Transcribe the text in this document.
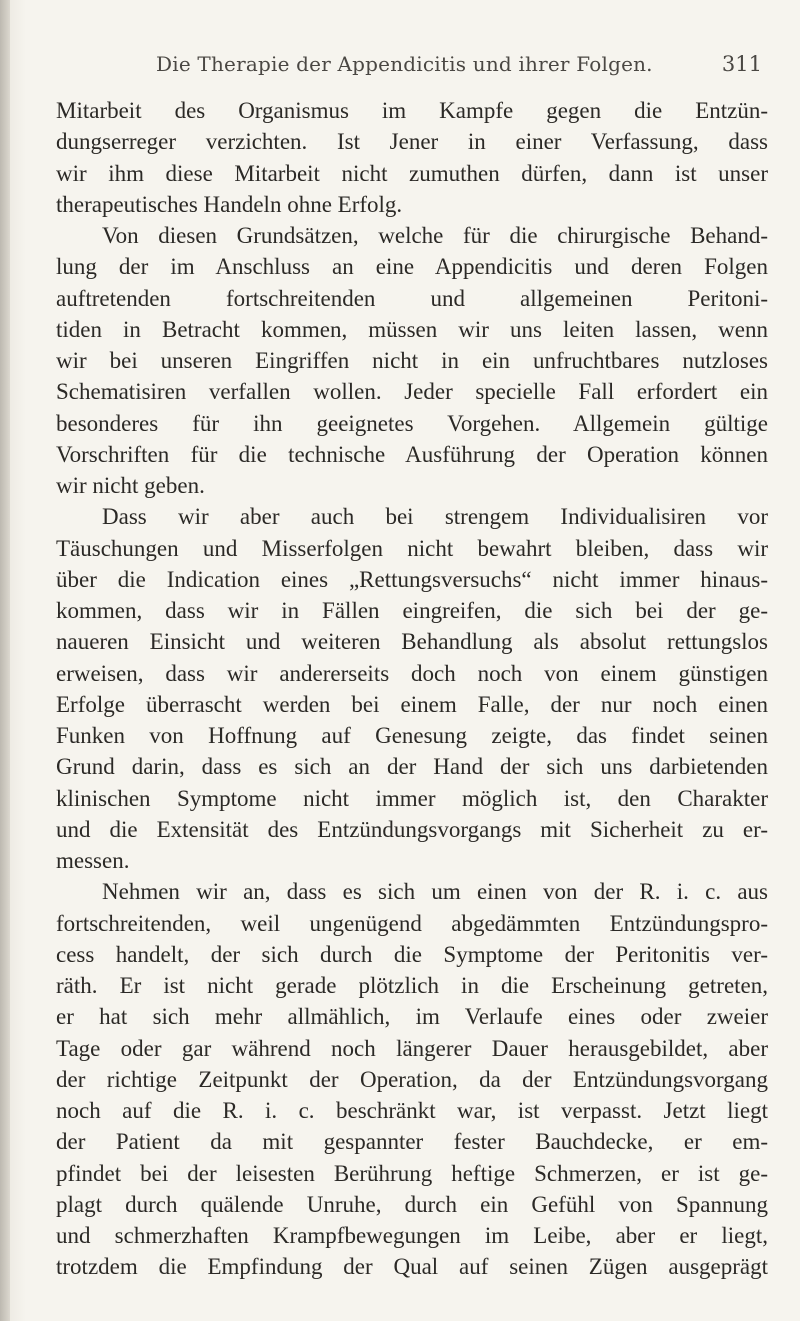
Die Therapie der Appendicitis und ihrer Folgen.	311
Mitarbeit des Organismus im Kampfe gegen die Entzün-
dungserreger verzichten. Ist Jener in einer Verfassung, dass
wir ihm diese Mitarbeit nicht zumuthen dürfen, dann ist unser
therapeutisches Handeln ohne Erfolg.
Von diesen Grundsätzen, welche für die chirurgische Behand-
lung der im Anschluss an eine Appendicitis und deren Folgen
auftretenden fortschreitenden und allgemeinen Peritoni-
tiden in Betracht kommen, müssen wir uns leiten lassen, wenn
wir bei unseren Eingriffen nicht in ein unfruchtbares nutzloses
Schematisiren verfallen wollen. Jeder specielle Fall erfordert ein
besonderes für ihn geeignetes Vorgehen. Allgemein gültige
Vorschriften für die technische Ausführung der Operation können
wir nicht geben.
Dass wir aber auch bei strengem Individualisiren vor
Täuschungen und Misserfolgen nicht bewahrt bleiben, dass wir
über die Indication eines „Rettungsversuchs“ nicht immer hinaus-
kommen, dass wir in Fällen eingreifen, die sich bei der ge-
naueren Einsicht und weiteren Behandlung als absolut rettungslos
erweisen, dass wir andererseits doch noch von einem günstigen
Erfolge überrascht werden bei einem Falle, der nur noch einen
Funken von Hoffnung auf Genesung zeigte, das findet seinen
Grund darin, dass es sich an der Hand der sich uns darbietenden
klinischen Symptome nicht immer möglich ist, den Charakter
und die Extensität des Entzündungsvorgangs mit Sicherheit zu er-
messen.
Nehmen wir an, dass es sich um einen von der R. i. c. aus
fortschreitenden, weil ungenügend abgedämmten Entzündungspro-
cess handelt, der sich durch die Symptome der Peritonitis ver-
räth. Er ist nicht gerade plötzlich in die Erscheinung getreten,
er hat sich mehr allmählich, im Verlaufe eines oder zweier
Tage oder gar während noch längerer Dauer herausgebildet, aber
der richtige Zeitpunkt der Operation, da der Entzündungsvorgang
noch auf die R. i. c. beschränkt war, ist verpasst. Jetzt liegt
der Patient da mit gespannter fester Bauchdecke, er em-
pfindet bei der leisesten Berührung heftige Schmerzen, er ist ge-
plagt durch quälende Unruhe, durch ein Gefühl von Spannung
und schmerzhaften Krampfbewegungen im Leibe, aber er liegt,
trotzdem die Empfindung der Qual auf seinen Zügen ausgeprägt
